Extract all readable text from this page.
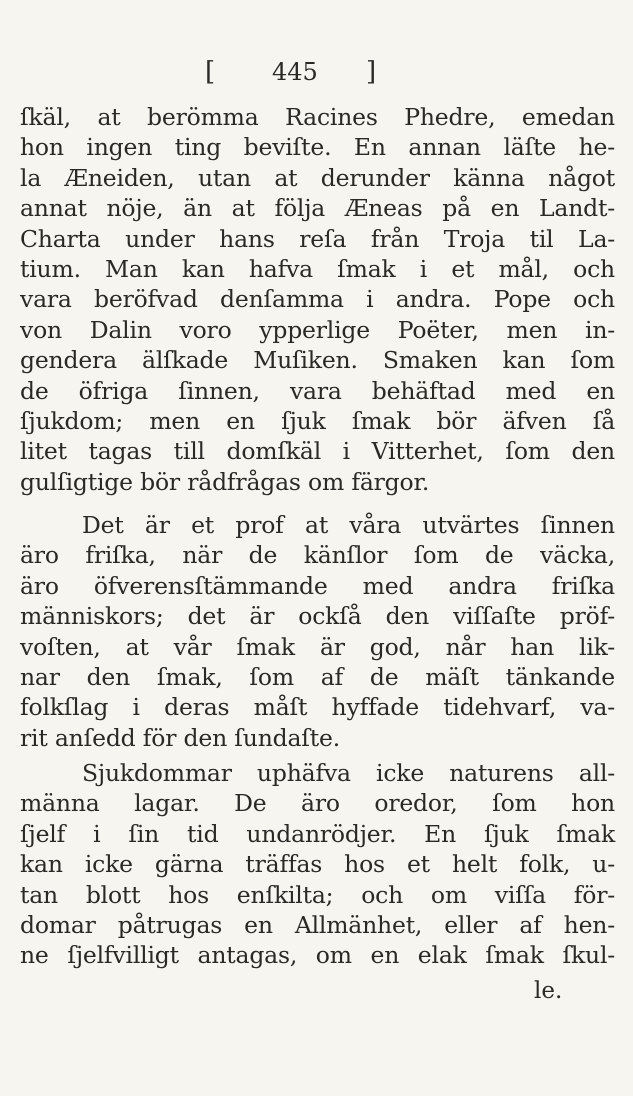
[ 445 ]
ſkäl, at berömma Racines Phedre, emedan
hon ingen ting beviſte. En annan läſte he-
la Æneiden, utan at derunder känna något
annat nöje, än at följa Æneas på en Landt-
Charta under hans reſa från Troja til La-
tium. Man kan hafva ſmak i et mål, och
vara beröfvad denſamma i andra. Pope och
von Dalin voro ypperlige Poëter, men in-
gendera älſkade Muſiken. Smaken kan ſom
de öfriga ſinnen, vara behäftad med en
ſjukdom; men en ſjuk ſmak bör äfven ſå
litet tagas till domſkäl i Vitterhet, ſom den
gulſigtige bör rådfrågas om färgor.
Det är et prof at våra utvärtes ſinnen
äro friſka, när de känſlor ſom de väcka,
äro öfverensſtämmande med andra friſka
människors; det är ockſå den viſſaſte pröf-
voſten, at vår ſmak är god, når han lik-
nar den ſmak, ſom af de mäſt tänkande
folkſlag i deras måſt hyffade tidehvarf, va-
rit anſedd för den ſundaſte.
Sjukdommar uphäfva icke naturens all-
männa lagar. De äro oredor, ſom hon
ſjelf i ſin tid undanrödjer. En ſjuk ſmak
kan icke gärna träffas hos et helt folk, u-
tan blott hos enſkilta; och om viſſa för-
domar påtrugas en Allmänhet, eller af hen-
ne ſjelfvilligt antagas, om en elak ſmak ſkul-
le.
